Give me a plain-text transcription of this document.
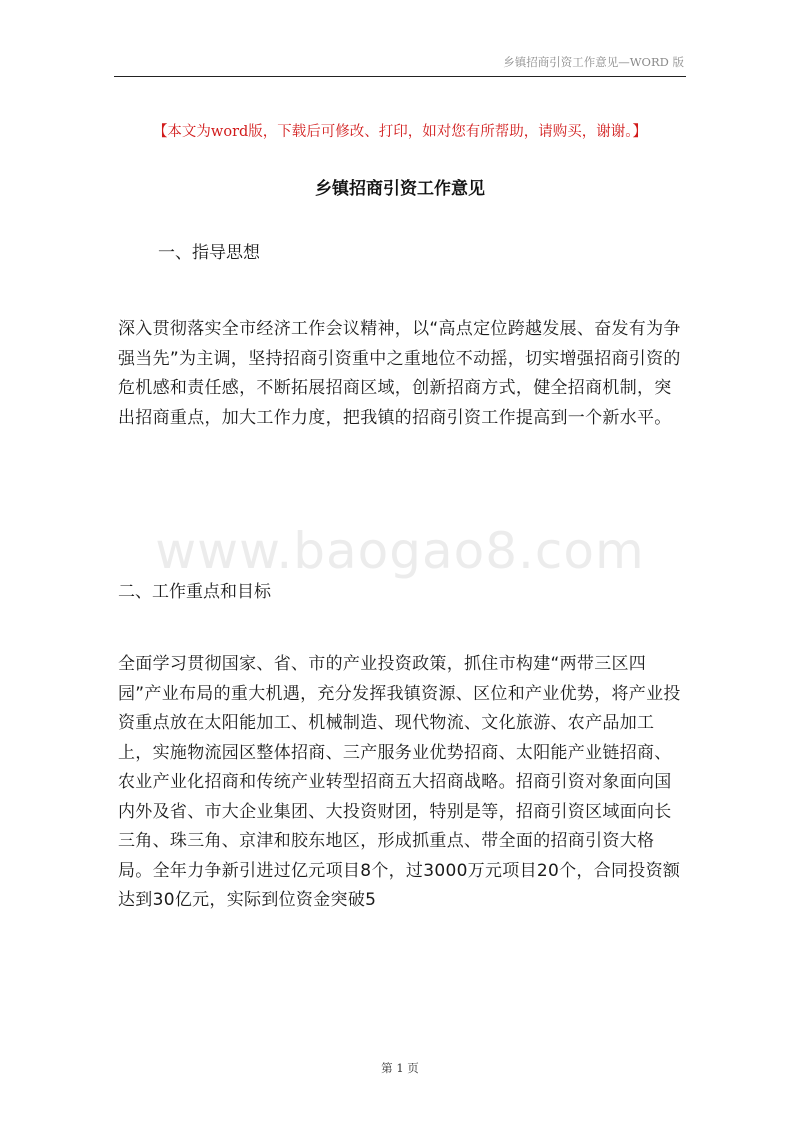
乡镇招商引资工作意见—WORD 版
【本文为word版，下载后可修改、打印，如对您有所帮助，请购买，谢谢。】
乡镇招商引资工作意见
一、指导思想
深入贯彻落实全市经济工作会议精神，以“高点定位跨越发展、奋发有为争强当先”为主调，坚持招商引资重中之重地位不动摇，切实增强招商引资的危机感和责任感，不断拓展招商区域，创新招商方式，健全招商机制，突出招商重点，加大工作力度，把我镇的招商引资工作提高到一个新水平。
www.baogao8.com
二、工作重点和目标
全面学习贯彻国家、省、市的产业投资政策，抓住市构建“两带三区四园”产业布局的重大机遇，充分发挥我镇资源、区位和产业优势，将产业投资重点放在太阳能加工、机械制造、现代物流、文化旅游、农产品加工上，实施物流园区整体招商、三产服务业优势招商、太阳能产业链招商、农业产业化招商和传统产业转型招商五大招商战略。招商引资对象面向国内外及省、市大企业集团、大投资财团，特别是等，招商引资区域面向长三角、珠三角、京津和胶东地区，形成抓重点、带全面的招商引资大格局。全年力争新引进过亿元项目8个，过3000万元项目20个，合同投资额达到30亿元，实际到位资金突破5
第 1 页
